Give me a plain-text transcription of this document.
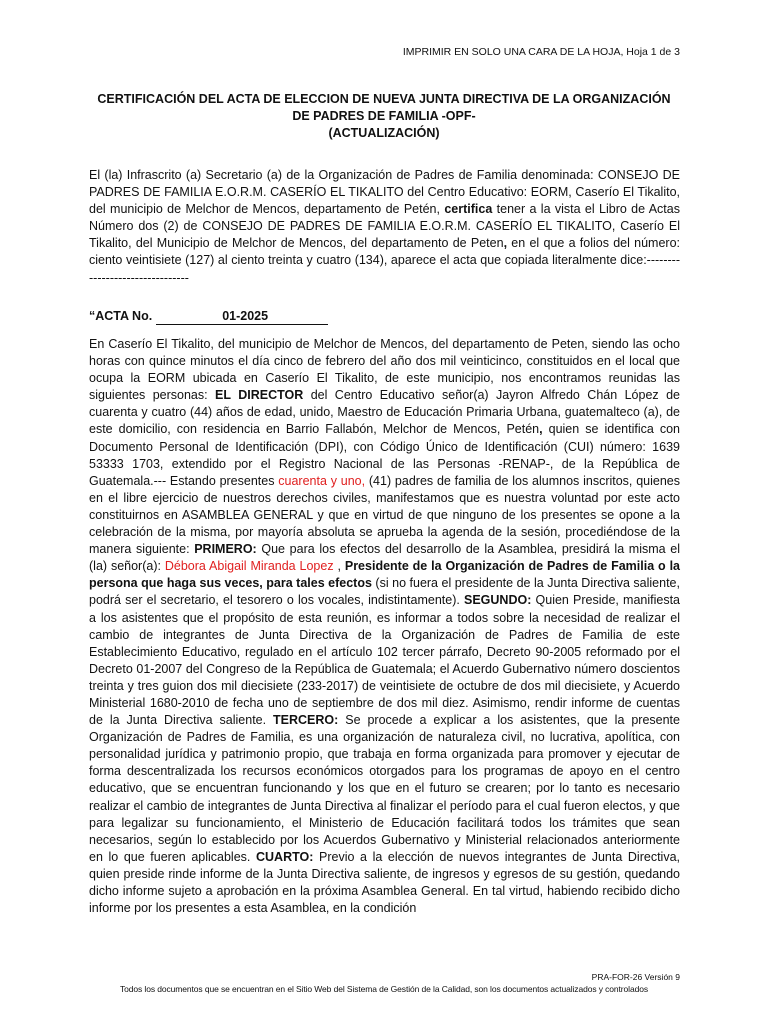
IMPRIMIR EN SOLO UNA CARA DE LA HOJA, Hoja 1 de 3
CERTIFICACIÓN DEL ACTA DE ELECCION DE NUEVA JUNTA DIRECTIVA DE LA ORGANIZACIÓN
DE PADRES DE FAMILIA -OPF-
(ACTUALIZACIÓN)
El (la) Infrascrito (a) Secretario (a) de la Organización de Padres de Familia denominada: CONSEJO DE PADRES DE FAMILIA E.O.R.M. CASERÍO EL TIKALITO del Centro Educativo: EORM, Caserío El Tikalito, del municipio de Melchor de Mencos, departamento de Petén, certifica tener a la vista el Libro de Actas Número dos (2) de CONSEJO DE PADRES DE FAMILIA E.O.R.M. CASERÍO EL TIKALITO, Caserío El Tikalito, del Municipio de Melchor de Mencos, del departamento de Peten, en el que a folios del número: ciento veintisiete (127) al ciento treinta y cuatro (134), aparece el acta que copiada literalmente dice:--------------------------------
“ACTA No.	01-2025
En Caserío El Tikalito, del municipio de Melchor de Mencos, del departamento de Peten, siendo las ocho horas con quince minutos el día cinco de febrero del año dos mil veinticinco, constituidos en el local que ocupa la EORM ubicada en Caserío El Tikalito, de este municipio, nos encontramos reunidas las siguientes personas: EL DIRECTOR del Centro Educativo señor(a) Jayron Alfredo Chán López de cuarenta y cuatro (44) años de edad, unido, Maestro de Educación Primaria Urbana, guatemalteco (a), de este domicilio, con residencia en Barrio Fallabón, Melchor de Mencos, Petén, quien se identifica con Documento Personal de Identificación (DPI), con Código Único de Identificación (CUI) número: 1639 53333 1703, extendido por el Registro Nacional de las Personas -RENAP-, de la República de Guatemala.--- Estando presentes cuarenta y uno, (41) padres de familia de los alumnos inscritos, quienes en el libre ejercicio de nuestros derechos civiles, manifestamos que es nuestra voluntad por este acto constituirnos en ASAMBLEA GENERAL y que en virtud de que ninguno de los presentes se opone a la celebración de la misma, por mayoría absoluta se aprueba la agenda de la sesión, procediéndose de la manera siguiente: PRIMERO: Que para los efectos del desarrollo de la Asamblea, presidirá la misma el (la) señor(a): Débora Abigail Miranda Lopez , Presidente de la Organización de Padres de Familia o la persona que haga sus veces, para tales efectos (si no fuera el presidente de la Junta Directiva saliente, podrá ser el secretario, el tesorero o los vocales, indistintamente). SEGUNDO: Quien Preside, manifiesta a los asistentes que el propósito de esta reunión, es informar a todos sobre la necesidad de realizar el cambio de integrantes de Junta Directiva de la Organización de Padres de Familia de este Establecimiento Educativo, regulado en el artículo 102 tercer párrafo, Decreto 90-2005 reformado por el Decreto 01-2007 del Congreso de la República de Guatemala; el Acuerdo Gubernativo número doscientos treinta y tres guion dos mil diecisiete (233-2017) de veintisiete de octubre de dos mil diecisiete, y Acuerdo Ministerial 1680-2010 de fecha uno de septiembre de dos mil diez. Asimismo, rendir informe de cuentas de la Junta Directiva saliente. TERCERO: Se procede a explicar a los asistentes, que la presente Organización de Padres de Familia, es una organización de naturaleza civil, no lucrativa, apolítica, con personalidad jurídica y patrimonio propio, que trabaja en forma organizada para promover y ejecutar de forma descentralizada los recursos económicos otorgados para los programas de apoyo en el centro educativo, que se encuentran funcionando y los que en el futuro se crearen; por lo tanto es necesario realizar el cambio de integrantes de Junta Directiva al finalizar el período para el cual fueron electos, y que para legalizar su funcionamiento, el Ministerio de Educación facilitará todos los trámites que sean necesarios, según lo establecido por los Acuerdos Gubernativo y Ministerial relacionados anteriormente en lo que fueren aplicables. CUARTO: Previo a la elección de nuevos integrantes de Junta Directiva, quien preside rinde informe de la Junta Directiva saliente, de ingresos y egresos de su gestión, quedando dicho informe sujeto a aprobación en la próxima Asamblea General. En tal virtud, habiendo recibido dicho informe por los presentes a esta Asamblea, en la condición
PRA-FOR-26 Versión 9
Todos los documentos que se encuentran en el Sitio Web del Sistema de Gestión de la Calidad, son los documentos actualizados y controlados
